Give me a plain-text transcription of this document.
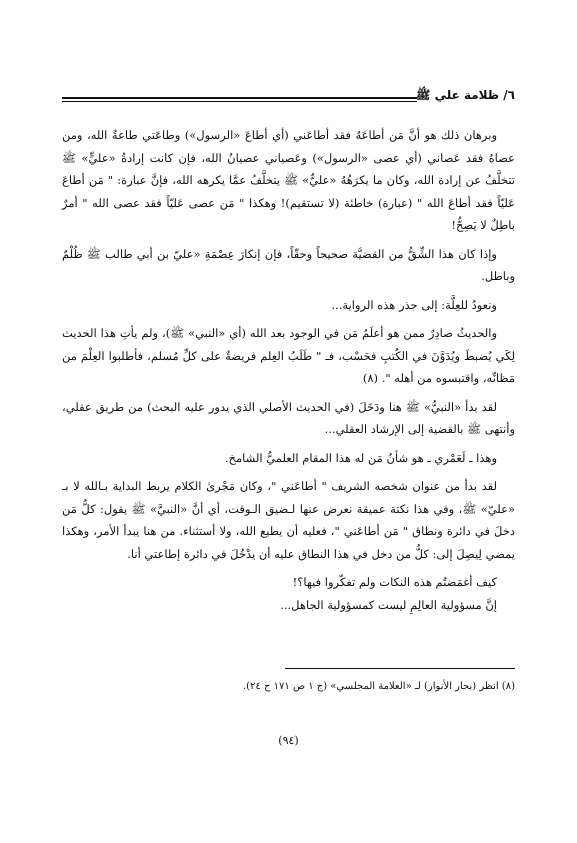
٦/ ظلامة علي ﷺ

وبرهان ذلك هو أنَّ مَن أطاعَهُ فقد أطاعَني (أي أطاعَ «الرسول») وطاعَتي طاعةُ الله، ومن عصاهُ فقد عَصاني (أي عصى «الرسول») وعَصياني عصيانُ الله، فإن كانت إرادةُ «عليٍّ» ﷺ تتخلَّفُ عن إرادة الله، وكان ما يكرَهُهُ «عليٌّ» ﷺ يتخلَّفُ عمَّا يكرهه الله، فإنَّ عبارة: " مَن أطاعَ عَليّاً فقد أطاعَ الله " (عبارة) خاطئة (لا تستقيم)! وهكذا " مَن عصى عَليّاً فقد عصى الله " أمرٌ باطِلٌ لا يَصِحُّ!

وإذا كان هذا الشِّقُّ من القضيَّة صحيحاً وحقّاً، فإن إنكارَ عِصْمَةِ «عليّ بن أبي طالب ﷺ ظُلْمٌ وباطل.

ونعودُ للعِلَّة: إلى جذر هذه الرواية...

والحديثُ صادِرٌ ممن هو أعلَمُ مَن في الوجود بعد الله (أي «النبي» ﷺ)، ولم يأتِ هذا الحديث لِكَي يُضبطَ ويُدَوَّنَ في الكُتبِ فحَسْب، فـ " طَلَبُ العِلم فريضةٌ على كلِّ مُسلم، فأطلبوا العِلْمَ من مَظانِّه، واقتبسوه من أهله ". (٨)

لقد بدأ «النبيُّ» ﷺ هنا ودَخَلَ (في الحديث الأصلي الذي يدور عليه البحث) من طريق عقلي، وأنتهى ﷺ بالقضية إلى الإرشاد العقلي...

وهذا ـ لَعَمْري ـ هو شأنُ مَن له هذا المقام العلميُّ الشامخ.

لقد بدأ من عنوان شخصه الشريف " أطاعَني "، وكان مَجْرىٰ الكلام يربط البداية بـالله لا بـ «عليّ» ﷺ، وفي هذا نكتة عميقة نعرض عنها لـضيق الـوقت، أي أنَّ «النبيَّ» ﷺ يقول: كلُّ مَن دخلَ في دائرة ونطاق " مَن أطاعَني "، فعليه أن يطيع الله، ولا أستثناء. من هنا يبدأ الأمر، وهكذا يمضي لِيصِلَ إلى: كلُّ من دخل في هذا النطاق عليه أن يدْخُلَ في دائرة إطاعتي أنا.

كيف أغمَضتُم هذه النكات ولم تفكّروا فيها؟!

إنَّ مسؤولية العالِمِ ليست كمسؤولية الجاهل...

(٨) انظر (بحار الأنوار) لـ «العلامة المجلسي» (ج ١ ص ١٧١ ح ٢٤).
(٩٤)
